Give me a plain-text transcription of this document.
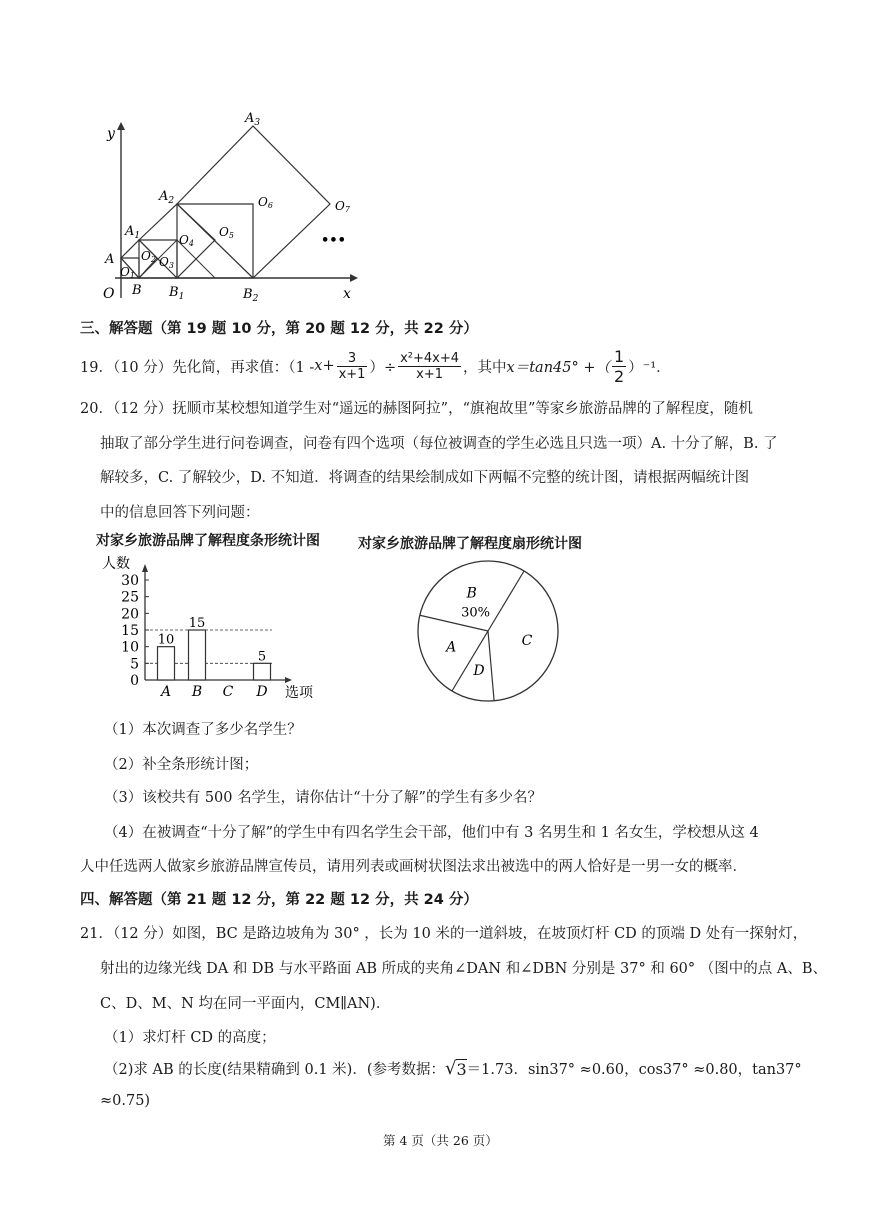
y
x
O
A
$A_1$
$A_2$
$A_3$
B $B_1$	$B_2$
O1
O2 O3
O4
O5
O6	O7
•••
三、解答题（第 19 题 10 分，第 20 题 12 分，共 22 分）
19．（10 分）先化简，再求值：（$1 - x + \frac{3}{x+1}$ ）÷ $\frac{\text{x²+4x+4}}{x+1}$ ，其中 x＝tan45° +（ $\frac{1}{2} )^{-1}$．
20．（12 分）抚顺市某校想知道学生对“遥远的赫图阿拉”，“旗袍故里”等家乡旅游品牌的了解程度，随机
抽取了部分学生进行问卷调查，问卷有四个选项（每位被调查的学生必选且只选一项）A. 十分了解，B. 了
解较多，C. 了解较少，D. 不知道．将调查的结果绘制成如下两幅不完整的统计图，请根据两幅统计图
中的信息回答下列问题：
对家乡旅游品牌了解程度条形统计图	对家乡旅游品牌了解程度扇形统计图
人数
选项
0
5
10
15
20
25
30
10
A
15
B C
5
D
B
30%
C
D
A
（1）本次调查了多少名学生？
（2）补全条形统计图；
（3）该校共有 500 名学生，请你估计“十分了解”的学生有多少名？
（4）在被调查“十分了解”的学生中有四名学生会干部，他们中有 3 名男生和 1 名女生，学校想从这 4
人中任选两人做家乡旅游品牌宣传员，请用列表或画树状图法求出被选中的两人恰好是一男一女的概率．
四、解答题（第 21 题 12 分，第 22 题 12 分，共 24 分）
21．（12 分）如图，BC 是路边坡角为 30° ，长为 10 米的一道斜坡，在坡顶灯杆 CD 的顶端 D 处有一探射灯，
射出的边缘光线 DA 和 DB 与水平路面 AB 所成的夹角∠DAN 和∠DBN 分别是 37° 和 60° （图中的点 A、B、
C、D、M、N 均在同一平面内，CM∥AN)．
（1）求灯杆 CD 的高度；
（2)求 AB 的长度(结果精确到 0.1 米)．(参考数据： √ 3 ＝1.73．sin37° ≈0.60，cos37° ≈0.80，tan37°
≈0.75)
第 4 页（共 26 页）
